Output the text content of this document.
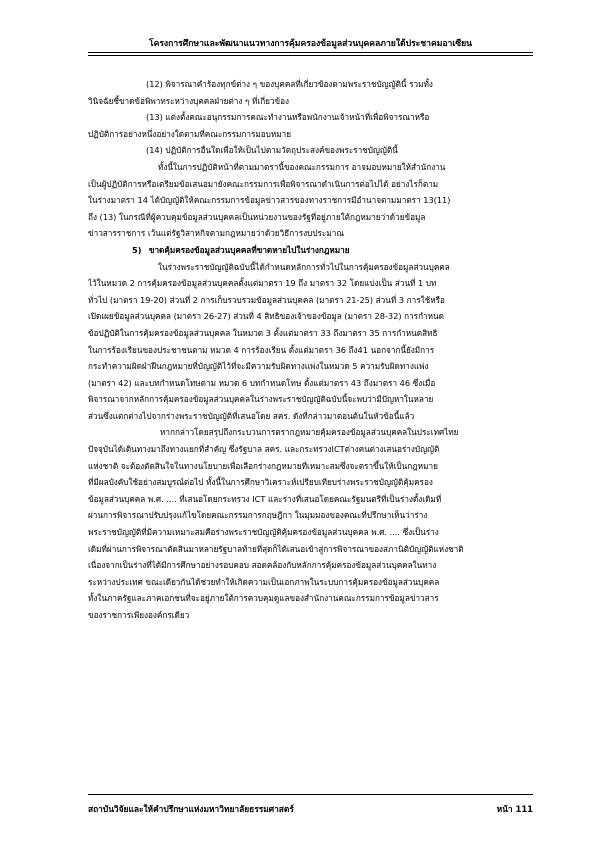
โครงการศึกษาและพัฒนาแนวทางการคุ้มครองข้อมูลส่วนบุคคลภายใต้ประชาคมอาเซียน
(12) พิจารณาคำร้องทุกข์ต่าง ๆ ของบุคคลที่เกี่ยวข้องตามพระราชบัญญัตินี้ รวมทั้ง
วินิจฉัยชี้ขาดข้อพิพาทระหว่างบุคคลฝ่ายต่าง ๆ ที่เกี่ยวข้อง
(13) แต่งตั้งคณะอนุกรรมการคณะทำงานหรือพนักงานเจ้าหน้าที่เพื่อพิจารณาหรือ
ปฏิบัติการอย่างหนึ่งอย่างใดตามที่คณะกรรมการมอบหมาย
(14) ปฏิบัติการอื่นใดเพื่อให้เป็นไปตามวัตถุประสงค์ของพระราชบัญญัตินี้
ทั้งนี้ในการปฏิบัติหน้าที่ตามมาตรานี้ของคณะกรรมการ อาจมอบหมายให้สำนักงาน
เป็นผู้ปฏิบัติการหรือเตรียมข้อเสนอมายังคณะกรรมการเพื่อพิจารณาดำเนินการต่อไปได้ อย่างไรก็ตาม
ในร่างมาตรา 14 ได้บัญญัติให้คณะกรรมการข้อมูลข่าวสารของทางราชการมีอำนาจตามมาตรา 13(11)
ถึง (13) ในกรณีที่ผู้ควบคุมข้อมูลส่วนบุคคลเป็นหน่วยงานของรัฐที่อยู่ภายใต้กฎหมายว่าด้วยข้อมูล
ข่าวสารราชการ เว้นแต่รัฐวิสาหกิจตามกฎหมายว่าด้วยวิธีการงบประมาณ
5) ขาดคุ้มครองข้อมูลส่วนบุคคลที่ขาดหายไปในร่างกฎหมาย
ในร่างพระราชบัญญัติฉบับนี้ได้กำหนดหลักการทั่วไปในการคุ้มครองข้อมูลส่วนบุคคล
ไว้ในหมวด 2 การคุ้มครองข้อมูลส่วนบุคคลตั้งแต่มาตรา 19 ถึง มาตรา 32 โดยแบ่งเป็น ส่วนที่ 1 บท
ทั่วไป (มาตรา 19-20) ส่วนที่ 2 การเก็บรวบรวมข้อมูลส่วนบุคคล (มาตรา 21-25) ส่วนที่ 3 การใช้หรือ
เปิดเผยข้อมูลส่วนบุคคล (มาตรา 26-27) ส่วนที่ 4 สิทธิของเจ้าของข้อมูล (มาตรา 28-32) การกำหนด
ข้อปฏิบัติในการคุ้มครองข้อมูลส่วนบุคคล ในหมวด 3 ตั้งแต่มาตรา 33 ถึงมาตรา 35 การกำหนดสิทธิ
ในการร้องเรียนของประชาชนตาม หมวด 4 การร้องเรียน ตั้งแต่มาตรา 36 ถึง41 นอกจากนี้ยังมีการ
กระทำความผิดฝ่าฝืนกฎหมายที่บัญญัติไว้ที่จะมีความรับผิดทางแพ่งในหมวด 5 ความรับผิดทางแพ่ง
(มาตรา 42) และบทกำหนดโทษตาม หมวด 6 บทกำหนดโทษ ตั้งแต่มาตรา 43 ถึงมาตรา 46 ซึ่งเมื่อ
พิจารณาจากหลักการคุ้มครองข้อมูลส่วนบุคคลในร่างพระราชบัญญัติฉบับนี้จะพบว่ามีปัญหาในหลาย
ส่วนซึ่งแตกต่างไปจากร่างพระราชบัญญัติที่เสนอโดย สคร. ดังที่กล่าวมาตอนต้นในหัวข้อนี้แล้ว
หากกล่าวโดยสรุปถึงกระบวนการตรากฎหมายคุ้มครองข้อมูลส่วนบุคคลในประเทศไทย
ปัจจุบันได้เดินทางมาถึงทางแยกที่สำคัญ ซึ่งรัฐบาล สคร. และกระทรวงICTต่างคนต่างเสนอร่างบัญญัติ
แห่งชาติ จะต้องตัดสินใจในทางนโยบายเพื่อเลือกร่างกฎหมายที่เหมาะสมซึ่งจะตราขึ้นให้เป็นกฎหมาย
ที่มีผลบังคับใช้อย่างสมบูรณ์ต่อไป ทั้งนี้ในการศึกษาวิเคราะห์เปรียบเทียบร่างพระราชบัญญัติคุ้มครอง
ข้อมูลส่วนบุคคล พ.ศ. .... ที่เสนอโดยกระทรวง ICT และร่างที่เสนอโดยคณะรัฐมนตรีที่เป็นร่างดั้งเดิมที่
ผ่านการพิจารณาปรับปรุงแก้ไขโดยคณะกรรมการกฤษฎีกา ในมุมมองของคณะที่ปรึกษาเห็นว่าร่าง
พระราชบัญญัติที่มีความเหมาะสมคือร่างพระราชบัญญัติคุ้มครองข้อมูลส่วนบุคคล พ.ศ. .... ซึ่งเป็นร่าง
เดิมที่ผ่านการพิจารณาตัดสินมาหลายรัฐบาลท้ายที่สุดก็ได้เสนอเข้าสู่การพิจารณาของสภานิติบัญญัติแห่งชาติ
เนื่องจากเป็นร่างที่ได้มีการศึกษาอย่างรอบคอบ สอดคล้องกับหลักการคุ้มครองข้อมูลส่วนบุคคลในทาง
ระหว่างประเทศ ขณะเดียวกันได้ช่วยทำให้เกิดความเป็นเอกภาพในระบบการคุ้มครองข้อมูลส่วนบุคคล
ทั้งในภาครัฐและภาคเอกชนที่จะอยู่ภายใต้การควบคุมดูแลของสำนักงานคณะกรรมการข้อมูลข่าวสาร
ของราชการเพียงองค์กรเดียว
สถาบันวิจัยและให้คำปรึกษาแห่งมหาวิทยาลัยธรรมศาสตร์	หน้า 111
